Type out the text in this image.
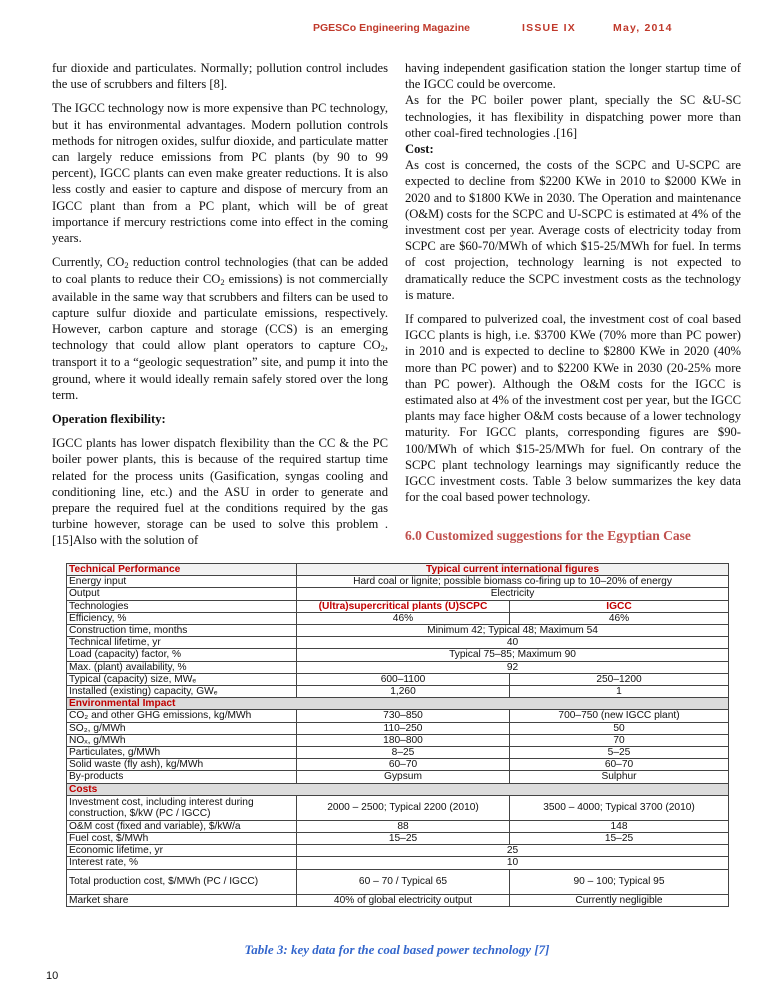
PGESCo Engineering Magazine	ISSUE IX	May, 2014

fur dioxide and particulates. Normally; pollution control includes the use of scrubbers and filters [8].

The IGCC technology now is more expensive than PC technology, but it has environmental advantages. Modern pollution controls methods for nitrogen oxides, sulfur dioxide, and particulate matter can largely reduce emissions from PC plants (by 90 to 99 percent), IGCC plants can even make greater reductions. It is also less costly and easier to capture and dispose of mercury from an IGCC plant than from a PC plant, which will be of great importance if mercury restrictions come into effect in the coming years.

Currently, CO2 reduction control technologies (that can be added to coal plants to reduce their CO2 emissions) is not commercially available in the same way that scrubbers and filters can be used to capture sulfur dioxide and particulate emissions, respectively. However, carbon capture and storage (CCS) is an emerging technology that could allow plant operators to capture CO2, transport it to a “geologic sequestration” site, and pump it into the ground, where it would ideally remain safely stored over the long term.

Operation flexibility:

IGCC plants has lower dispatch flexibility than the CC & the PC boiler power plants, this is because of the required startup time related for the process units (Gasification, syngas cooling and conditioning line, etc.) and the ASU in order to generate and prepare the required fuel at the conditions required by the gas turbine however, storage can be used to solve this problem .[15]Also with the solution of

having independent gasification station the longer startup time of the IGCC could be overcome.

As for the PC boiler power plant, specially the SC &U-SC technologies, it has flexibility in dispatching power more than other coal-fired technologies .[16]

Cost:

As cost is concerned, the costs of the SCPC and U-SCPC are expected to decline from $2200 KWe in 2010 to $2000 KWe in 2020 and to $1800 KWe in 2030. The Operation and maintenance (O&M) costs for the SCPC and U-SCPC is estimated at 4% of the investment cost per year. Average costs of electricity today from SCPC are $60-70/MWh of which $15-25/MWh for fuel. In terms of cost projection, technology learning is not expected to dramatically reduce the SCPC investment costs as the technology is mature.

If compared to pulverized coal, the investment cost of coal based IGCC plants is high, i.e. $3700 KWe (70% more than PC power) in 2010 and is expected to decline to $2800 KWe in 2020 (40% more than PC power) and to $2200 KWe in 2030 (20-25% more than PC power). Although the O&M costs for the IGCC is estimated also at 4% of the investment cost per year, but the IGCC plants may face higher O&M costs because of a lower technology maturity. For IGCC plants, corresponding figures are $90-100/MWh of which $15-25/MWh for fuel. On contrary of the SCPC plant technology learnings may significantly reduce the IGCC investment costs. Table 3 below summarizes the key data for the coal based power technology.

6.0 Customized suggestions for the Egyptian Case
Technical Performance	Typical current international figures	
Energy input	Hard coal or lignite; possible biomass co-firing up to 10–20% of energy	
Output	Electricity	
Technologies	(Ultra)supercritical plants (U)SCPC	IGCC
Efficiency, %	46%	46%
Construction time, months	Minimum 42; Typical 48; Maximum 54	
Technical lifetime, yr	40	
Load (capacity) factor, %	Typical 75–85; Maximum 90	
Max. (plant) availability, %	92	
Typical (capacity) size, MWₑ	600–1100	250–1200
Installed (existing) capacity, GWₑ	1,260	1
Environmental Impact		
CO₂ and other GHG emissions, kg/MWh	730–850	700–750 (new IGCC plant)
SO₂, g/MWh	110–250	50
NOₓ, g/MWh	180–800	70
Particulates, g/MWh	8–25	5–25
Solid waste (fly ash), kg/MWh	60–70	60–70
By-products	Gypsum	Sulphur
Costs		
Investment cost, including interest during construction, $/kW (PC / IGCC)	2000 – 2500; Typical 2200 (2010)	3500 – 4000; Typical 3700 (2010)
O&M cost (fixed and variable), $/kW/a	88	148
Fuel cost, $/MWh	15–25	15–25
Economic lifetime, yr	25	
Interest rate, %	10	
Total production cost, $/MWh (PC / IGCC)	60 – 70 / Typical 65	90 – 100; Typical 95
Market share	40% of global electricity output	Currently negligible
Table 3: key data for the coal based power technology [7]
10
